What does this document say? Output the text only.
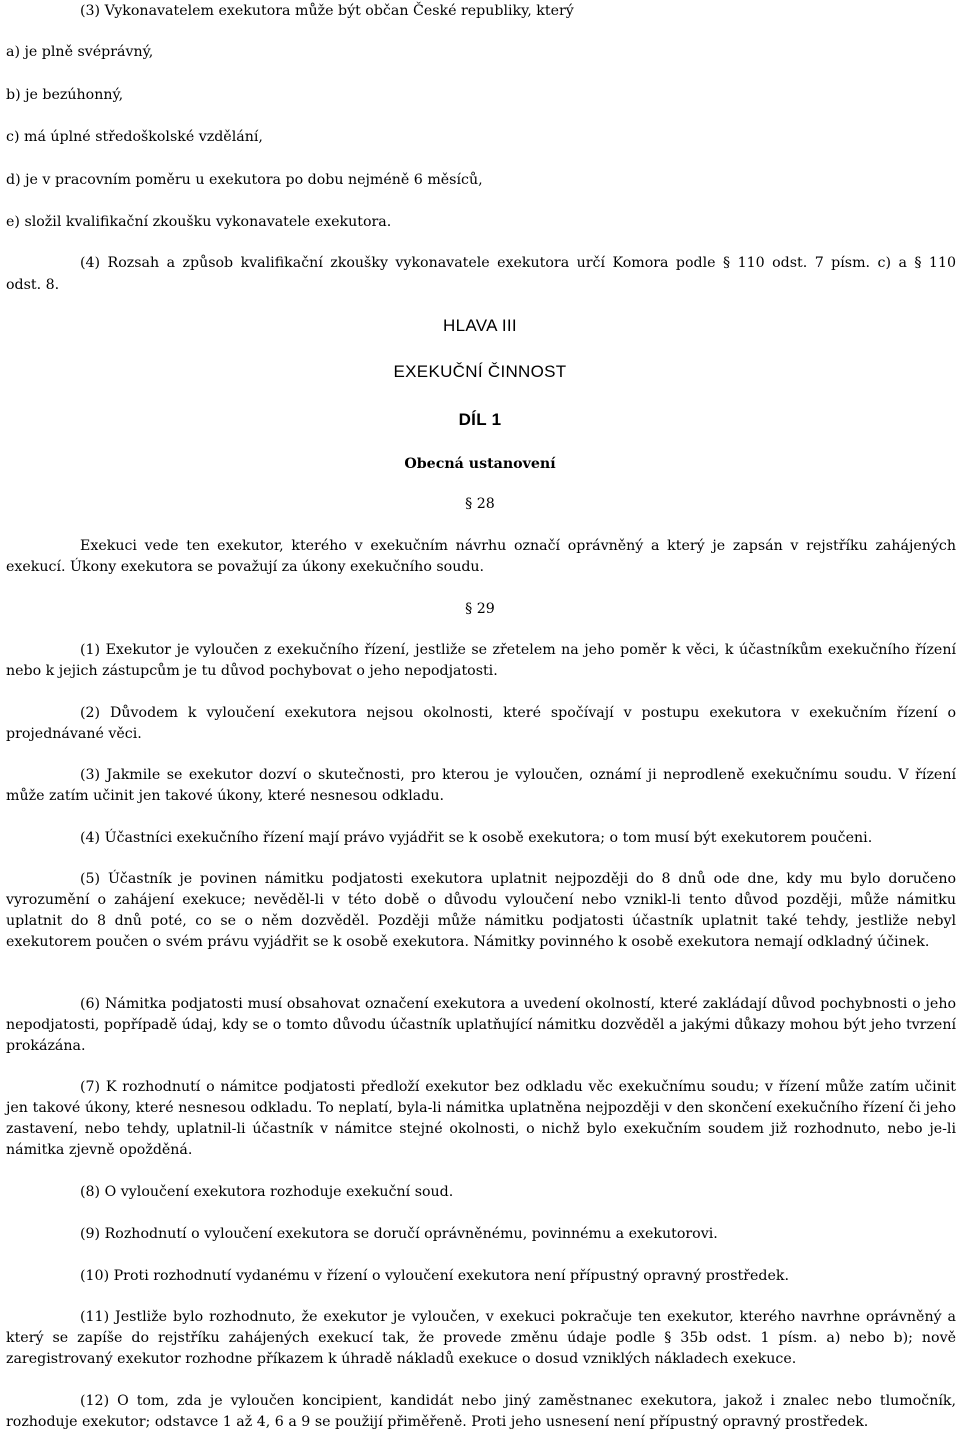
(3) Vykonavatelem exekutora může být občan České republiky, který
a) je plně svéprávný,
b) je bezúhonný,
c) má úplné středoškolské vzdělání,
d) je v pracovním poměru u exekutora po dobu nejméně 6 měsíců,
e) složil kvalifikační zkoušku vykonavatele exekutora.
(4) Rozsah a způsob kvalifikační zkoušky vykonavatele exekutora určí Komora podle § 110 odst. 7 písm. c) a § 110
odst. 8.
HLAVA III
EXEKUČNÍ ČINNOST
DÍL 1
Obecná ustanovení
§ 28

Exekuci vede ten exekutor, kterého v exekučním návrhu označí oprávněný a který je zapsán v rejstříku zahájených exekucí. Úkony exekutora se považují za úkony exekučního soudu.

§ 29

(1) Exekutor je vyloučen z exekučního řízení, jestliže se zřetelem na jeho poměr k věci, k účastníkům exekučního řízení nebo k jejich zástupcům je tu důvod pochybovat o jeho nepodjatosti.

(2) Důvodem k vyloučení exekutora nejsou okolnosti, které spočívají v postupu exekutora v exekučním řízení o projednávané věci.

(3) Jakmile se exekutor dozví o skutečnosti, pro kterou je vyloučen, oznámí ji neprodleně exekučnímu soudu. V řízení může zatím učinit jen takové úkony, které nesnesou odkladu.

(4) Účastníci exekučního řízení mají právo vyjádřit se k osobě exekutora; o tom musí být exekutorem poučeni.

(5) Účastník je povinen námitku podjatosti exekutora uplatnit nejpozději do 8 dnů ode dne, kdy mu bylo doručeno vyrozumění o zahájení exekuce; nevěděl-li v této době o důvodu vyloučení nebo vznikl-li tento důvod později, může námitku uplatnit do 8 dnů poté, co se o něm dozvěděl. Později může námitku podjatosti účastník uplatnit také tehdy, jestliže nebyl exekutorem poučen o svém právu vyjádřit se k osobě exekutora. Námitky povinného k osobě exekutora nemají odkladný účinek.

(6) Námitka podjatosti musí obsahovat označení exekutora a uvedení okolností, které zakládají důvod pochybnosti o jeho nepodjatosti, popřípadě údaj, kdy se o tomto důvodu účastník uplatňující námitku dozvěděl a jakými důkazy mohou být jeho tvrzení prokázána.

(7) K rozhodnutí o námitce podjatosti předloží exekutor bez odkladu věc exekučnímu soudu; v řízení může zatím učinit jen takové úkony, které nesnesou odkladu. To neplatí, byla-li námitka uplatněna nejpozději v den skončení exekučního řízení či jeho zastavení, nebo tehdy, uplatnil-li účastník v námitce stejné okolnosti, o nichž bylo exekučním soudem již rozhodnuto, nebo je-li námitka zjevně opožděná.

(8) O vyloučení exekutora rozhoduje exekuční soud.

(9) Rozhodnutí o vyloučení exekutora se doručí oprávněnému, povinnému a exekutorovi.

(10) Proti rozhodnutí vydanému v řízení o vyloučení exekutora není přípustný opravný prostředek.

(11) Jestliže bylo rozhodnuto, že exekutor je vyloučen, v exekuci pokračuje ten exekutor, kterého navrhne oprávněný a který se zapíše do rejstříku zahájených exekucí tak, že provede změnu údaje podle § 35b odst. 1 písm. a) nebo b); nově zaregistrovaný exekutor rozhodne příkazem k úhradě nákladů exekuce o dosud vzniklých nákladech exekuce.

(12) O tom, zda je vyloučen koncipient, kandidát nebo jiný zaměstnanec exekutora, jakož i znalec nebo tlumočník, rozhoduje exekutor; odstavce 1 až 4, 6 a 9 se použijí přiměřeně. Proti jeho usnesení není přípustný opravný prostředek.
